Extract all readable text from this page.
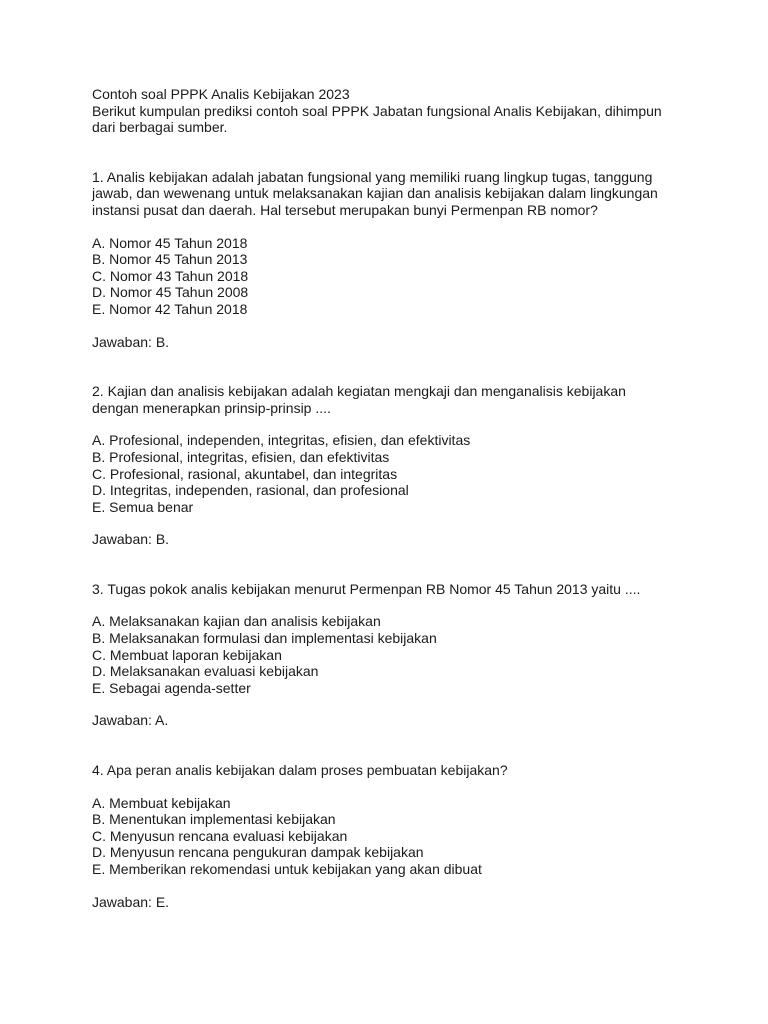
Contoh soal PPPK Analis Kebijakan 2023
Berikut kumpulan prediksi contoh soal PPPK Jabatan fungsional Analis Kebijakan, dihimpun
dari berbagai sumber.
1. Analis kebijakan adalah jabatan fungsional yang memiliki ruang lingkup tugas, tanggung
jawab, dan wewenang untuk melaksanakan kajian dan analisis kebijakan dalam lingkungan
instansi pusat dan daerah. Hal tersebut merupakan bunyi Permenpan RB nomor?
A. Nomor 45 Tahun 2018
B. Nomor 45 Tahun 2013
C. Nomor 43 Tahun 2018
D. Nomor 45 Tahun 2008
E. Nomor 42 Tahun 2018
Jawaban: B.
2. Kajian dan analisis kebijakan adalah kegiatan mengkaji dan menganalisis kebijakan
dengan menerapkan prinsip-prinsip ....
A. Profesional, independen, integritas, efisien, dan efektivitas
B. Profesional, integritas, efisien, dan efektivitas
C. Profesional, rasional, akuntabel, dan integritas
D. Integritas, independen, rasional, dan profesional
E. Semua benar
Jawaban: B.
3. Tugas pokok analis kebijakan menurut Permenpan RB Nomor 45 Tahun 2013 yaitu ....
A. Melaksanakan kajian dan analisis kebijakan
B. Melaksanakan formulasi dan implementasi kebijakan
C. Membuat laporan kebijakan
D. Melaksanakan evaluasi kebijakan
E. Sebagai agenda-setter
Jawaban: A.
4. Apa peran analis kebijakan dalam proses pembuatan kebijakan?
A. Membuat kebijakan
B. Menentukan implementasi kebijakan
C. Menyusun rencana evaluasi kebijakan
D. Menyusun rencana pengukuran dampak kebijakan
E. Memberikan rekomendasi untuk kebijakan yang akan dibuat
Jawaban: E.
